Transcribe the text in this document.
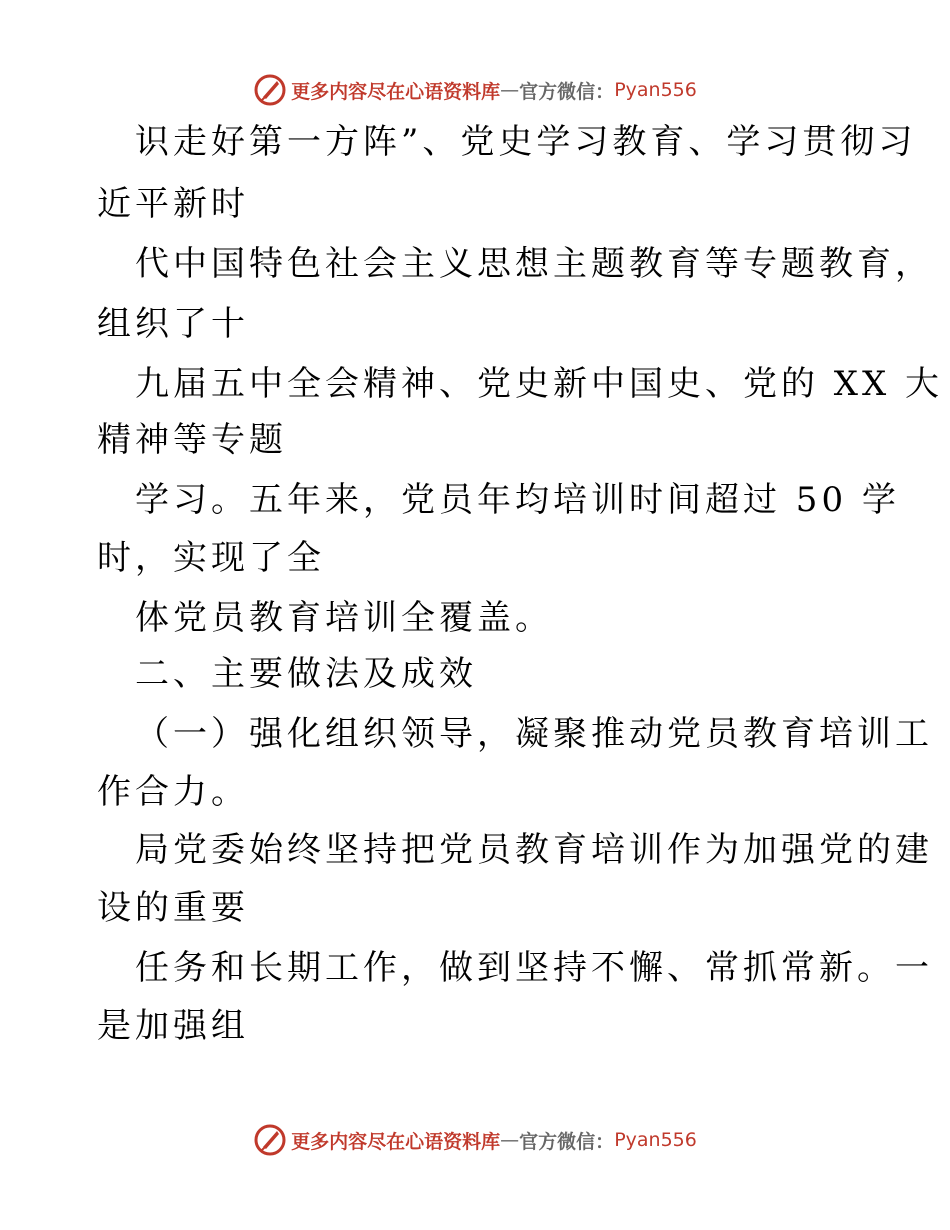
更多内容尽在心语资料库 — 官方微信： Pyan556
识走好第一方阵”、党史学习教育、学习贯彻习
近平新时
代中国特色社会主义思想主题教育等专题教育，
组织了十
九届五中全会精神、党史新中国史、党的 XX 大
精神等专题
学习。五年来，党员年均培训时间超过 50 学
时，实现了全
体党员教育培训全覆盖。
二、主要做法及成效
（一）强化组织领导，凝聚推动党员教育培训工
作合力。
局党委始终坚持把党员教育培训作为加强党的建
设的重要
任务和长期工作，做到坚持不懈、常抓常新。一
是加强组
更多内容尽在心语资料库 — 官方微信： Pyan556
